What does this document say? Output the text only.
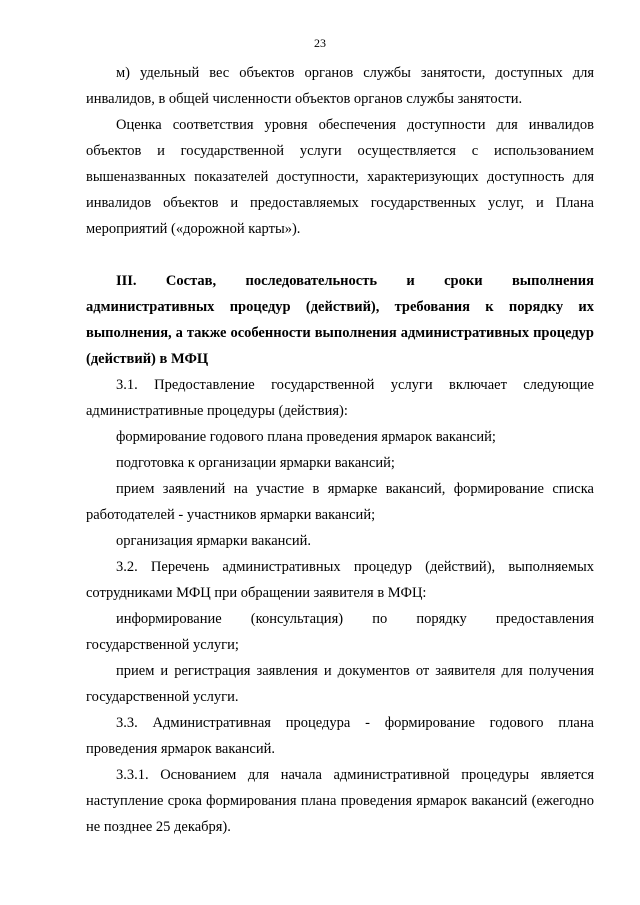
23

м) удельный вес объектов органов службы занятости, доступных для инвалидов, в общей численности объектов органов службы занятости.

Оценка соответствия уровня обеспечения доступности для инвалидов объектов и государственной услуги осуществляется с использованием вышеназванных показателей доступности, характеризующих доступность для инвалидов объектов и предоставляемых государственных услуг, и Плана мероприятий («дорожной карты»).

III. Состав, последовательность и сроки выполнения административных процедур (действий), требования к порядку их выполнения, а также особенности выполнения административных процедур (действий) в МФЦ

3.1. Предоставление государственной услуги включает следующие административные процедуры (действия):

формирование годового плана проведения ярмарок вакансий;

подготовка к организации ярмарки вакансий;

прием заявлений на участие в ярмарке вакансий, формирование списка работодателей - участников ярмарки вакансий;

организация ярмарки вакансий.

3.2. Перечень административных процедур (действий), выполняемых сотрудниками МФЦ при обращении заявителя в МФЦ:

информирование (консультация) по порядку предоставления государственной услуги;

прием и регистрация заявления и документов от заявителя для получения государственной услуги.

3.3. Административная процедура - формирование годового плана проведения ярмарок вакансий.

3.3.1. Основанием для начала административной процедуры является наступление срока формирования плана проведения ярмарок вакансий (ежегодно не позднее 25 декабря).
